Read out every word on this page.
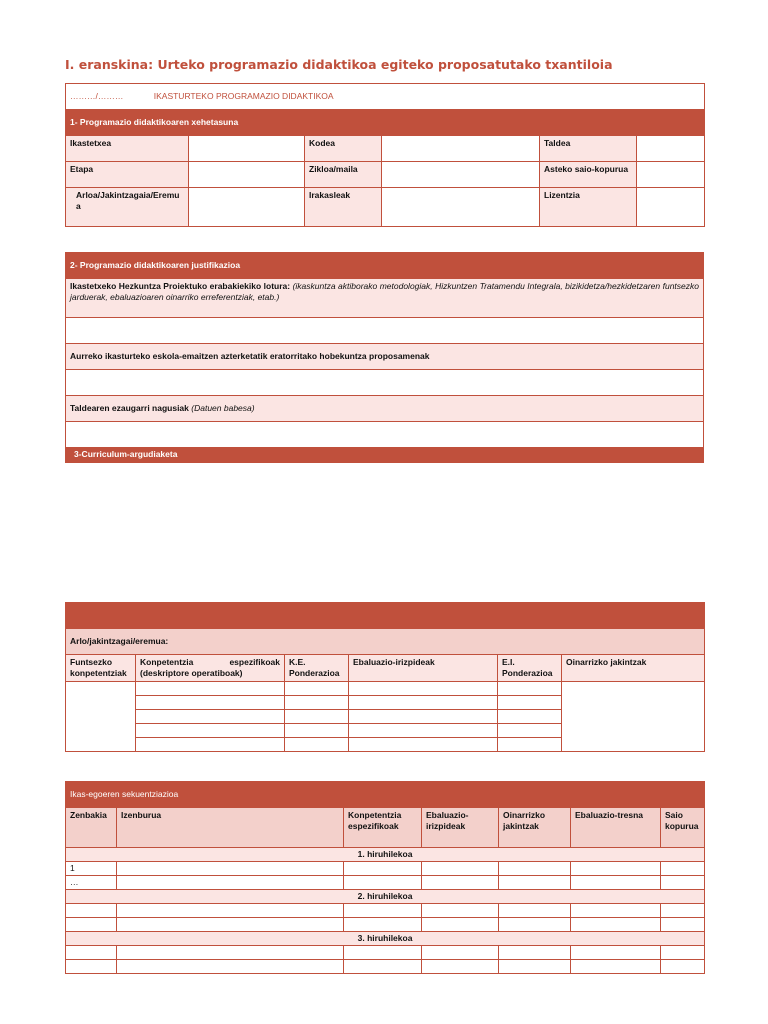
I. eranskina: Urteko programazio didaktikoa egiteko proposatutako txantiloia
………/……… IKASTURTEKO PROGRAMAZIO DIDAKTIKOA					
1- Programazio didaktikoaren xehetasuna					
Ikastetxea		Kodea		Taldea	
Etapa		Zikloa/maila		Asteko saio-kopurua	
Arloa/Jakintzagaia/Eremua		Irakasleak		Lizentzia	
2- Programazio didaktikoaren justifikazioa
Ikastetxeko Hezkuntza Proiektuko erabakiekiko lotura: (ikaskuntza aktiborako metodologiak, Hizkuntzen Tratamendu Integrala, bizikidetza/hezkidetzaren funtsezko jarduerak, ebaluazioaren oinarriko erreferentziak, etab.)

Aurreko ikasturteko eskola-emaitzen azterketatik eratorritako hobekuntza proposamenak

Taldearen ezaugarri nagusiak (Datuen babesa)

3-Curriculum-argudiaketa

Arlo/jakintzagai/eremua:					
Funtsezko konpetentziak	Konpetentzia espezifikoak (deskriptore operatiboak)	K.E. Ponderazioa	Ebaluazio-irizpideak	E.I. Ponderazioa	Oinarrizko jakintzak

Ikas-egoeren sekuentziazioa						
Zenbakia	Izenburua	Konpetentzia espezifikoak	Ebaluazio-irizpideak	Oinarrizko jakintzak	Ebaluazio-tresna	Saio kopurua
1. hiruhilekoa						
1						
…						
2. hiruhilekoa						

3. hiruhilekoa						
